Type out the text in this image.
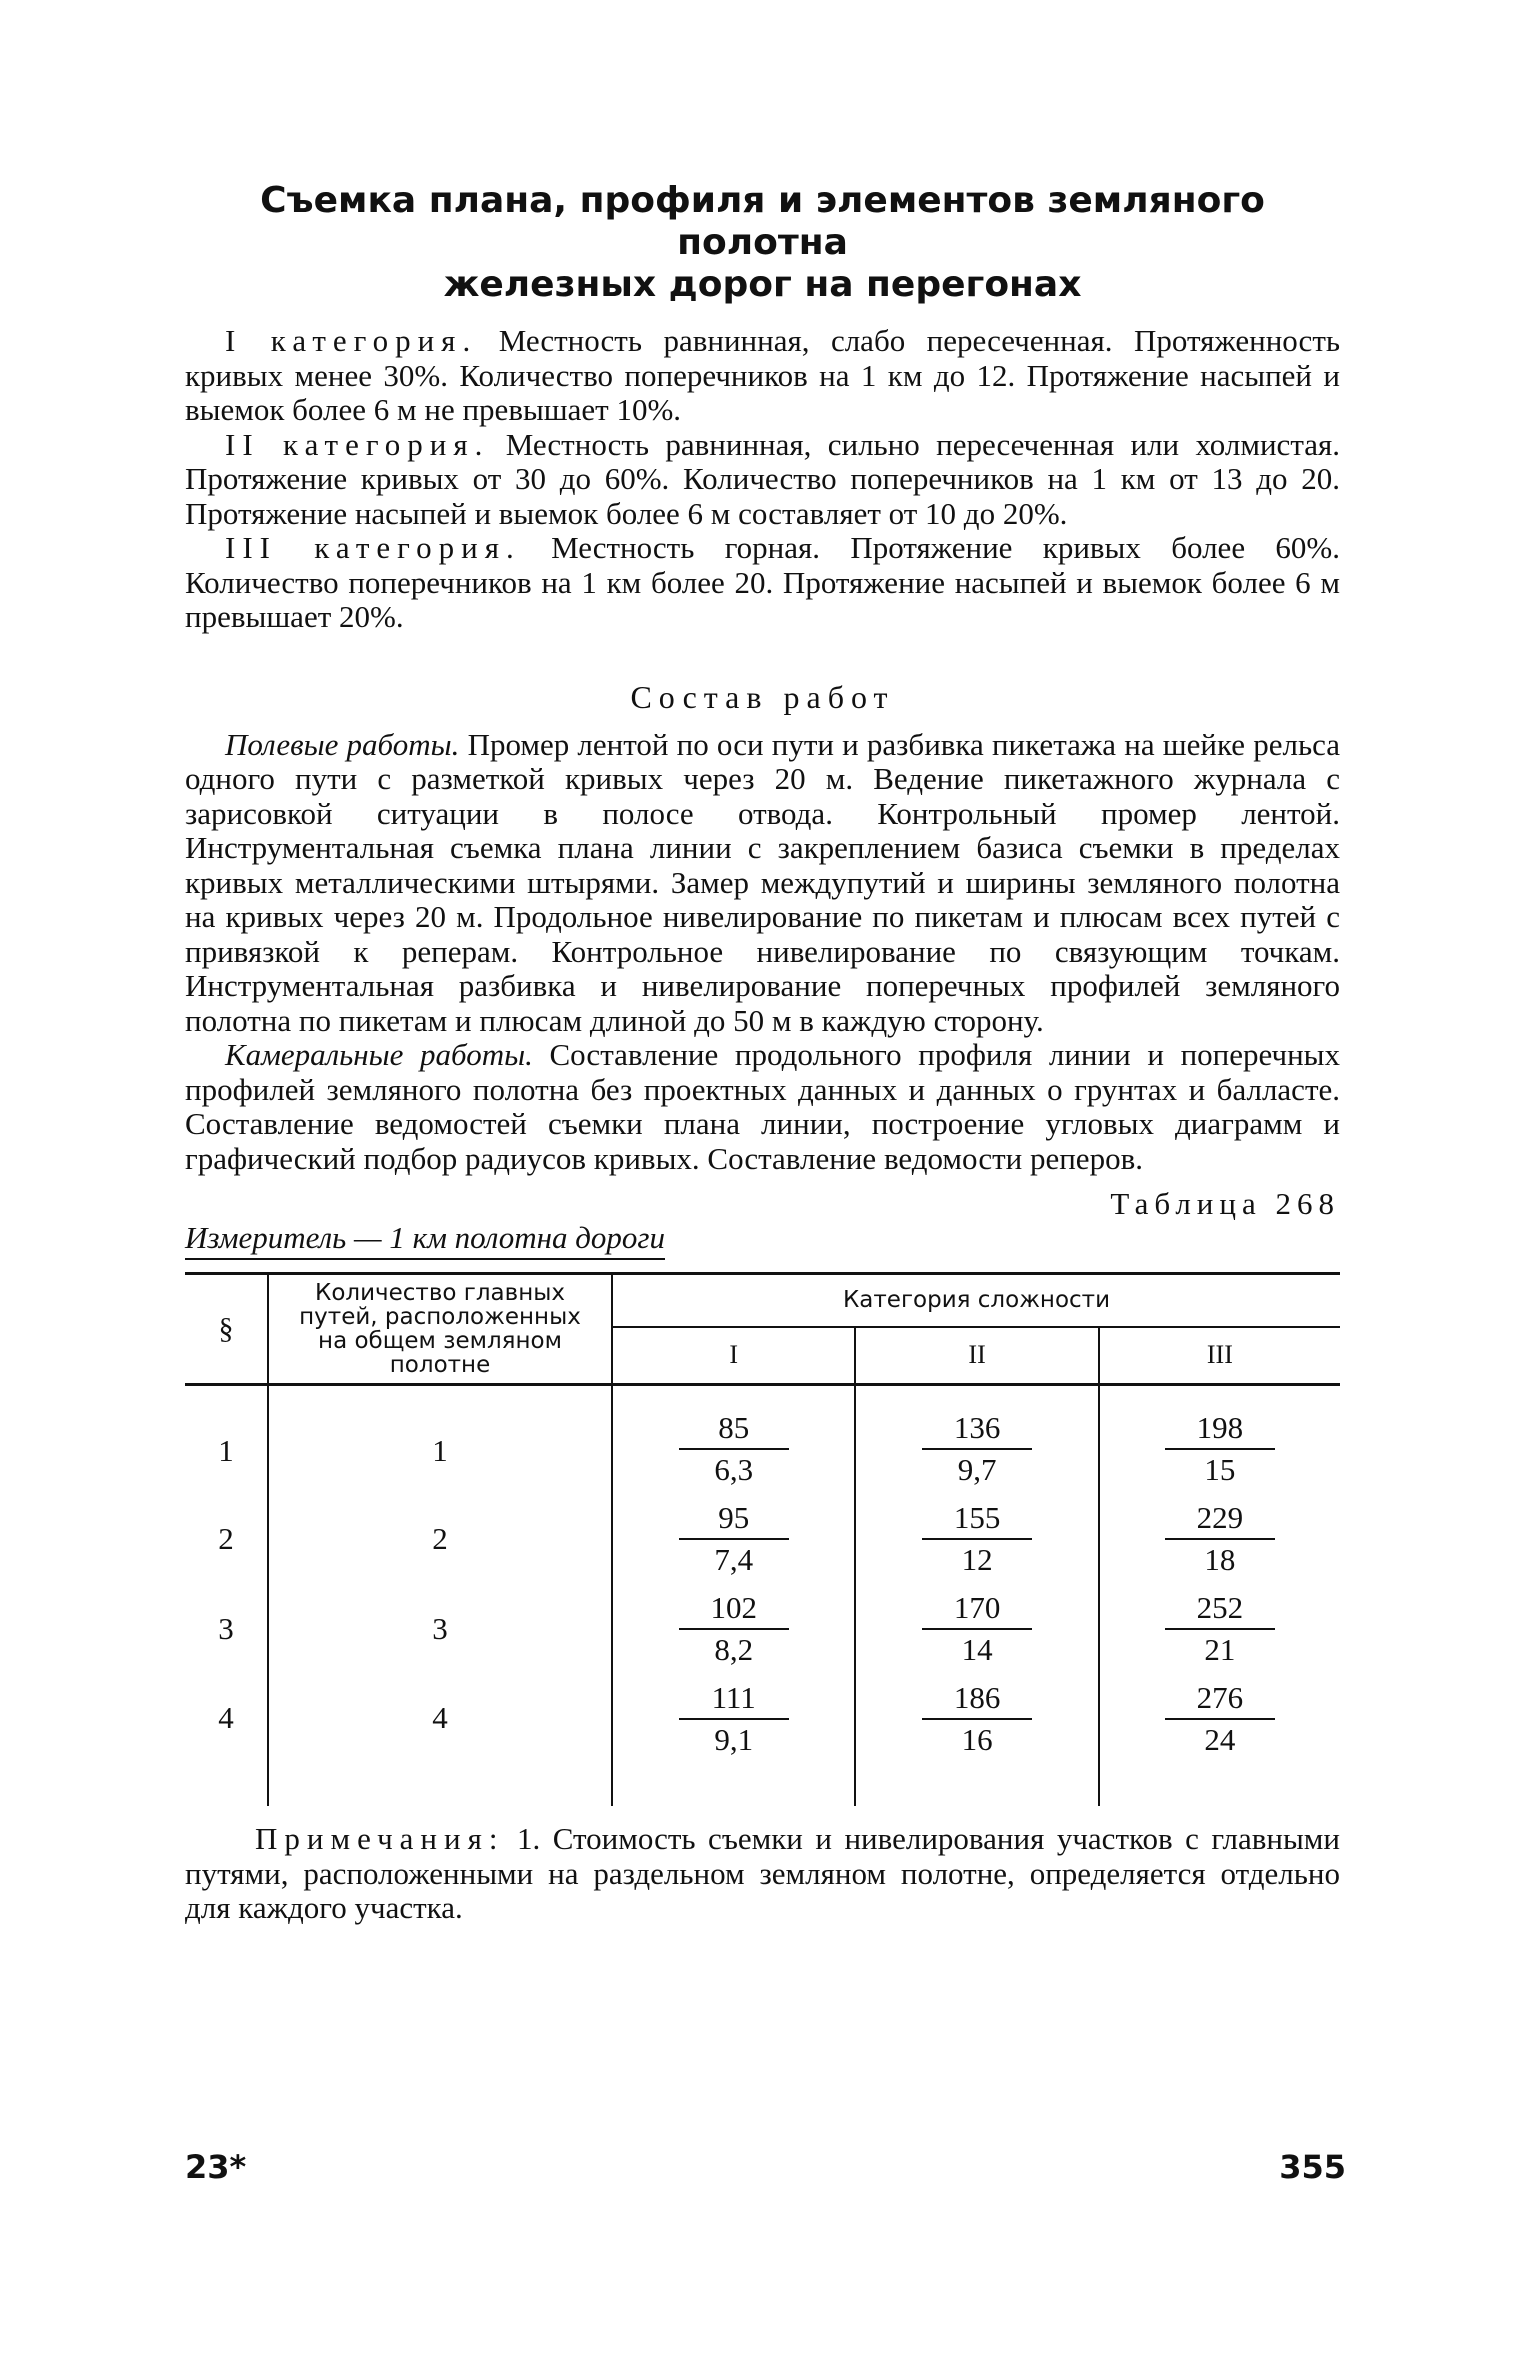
Съемка плана, профиля и элементов земляного полотна
железных дорог на перегонах

I категория. Местность равнинная, слабо пересеченная. Протяженность кривых менее 30%. Количество поперечников на 1 км до 12. Протяжение насыпей и выемок более 6 м не превышает 10%.

II категория. Местность равнинная, сильно пересеченная или холмистая. Протяжение кривых от 30 до 60%. Количество поперечников на 1 км от 13 до 20. Протяжение насыпей и выемок более 6 м составляет от 10 до 20%.

III категория. Местность горная. Протяжение кривых более 60%. Количество поперечников на 1 км более 20. Протяжение насыпей и выемок более 6 м превышает 20%.

Состав работ

Полевые работы. Промер лентой по оси пути и разбивка пикетажа на шейке рельса одного пути с разметкой кривых через 20 м. Ведение пикетажного журнала с зарисовкой ситуации в полосе отвода. Контрольный промер лентой. Инструментальная съемка плана линии с закреплением базиса съемки в пределах кривых металлическими штырями. Замер междупутий и ширины земляного полотна на кривых через 20 м. Продольное нивелирование по пикетам и плюсам всех путей с привязкой к реперам. Контрольное нивелирование по связующим точкам. Инструментальная разбивка и нивелирование поперечных профилей земляного полотна по пикетам и плюсам длиной до 50 м в каждую сторону.

Камеральные работы. Составление продольного профиля линии и поперечных профилей земляного полотна без проектных данных и данных о грунтах и балласте. Составление ведомостей съемки плана линии, построение угловых диаграмм и графический подбор радиусов кривых. Составление ведомости реперов.

Таблица 268
Измеритель — 1 км полотна дороги
§	Количество главных путей, расположенных на общем земляном полотне	Категория сложности		
		I	II	III
1	1	$\frac{85}{6,3}$	$\frac{136}{9,7}$	$\frac{198}{15}$

2	2	$\frac{95}{7,4}$	$\frac{155}{12}$	$\frac{229}{18}$

3	3	$\frac{102}{8,2}$	$\frac{170}{14}$	$\frac{252}{21}$

4	4	$\frac{111}{9,1}$	$\frac{186}{16}$	$\frac{276}{24}$

Примечания: 1. Стоимость съемки и нивелирования участков с главными путями, расположенными на раздельном земляном полотне, определяется отдельно для каждого участка.

23*	355
